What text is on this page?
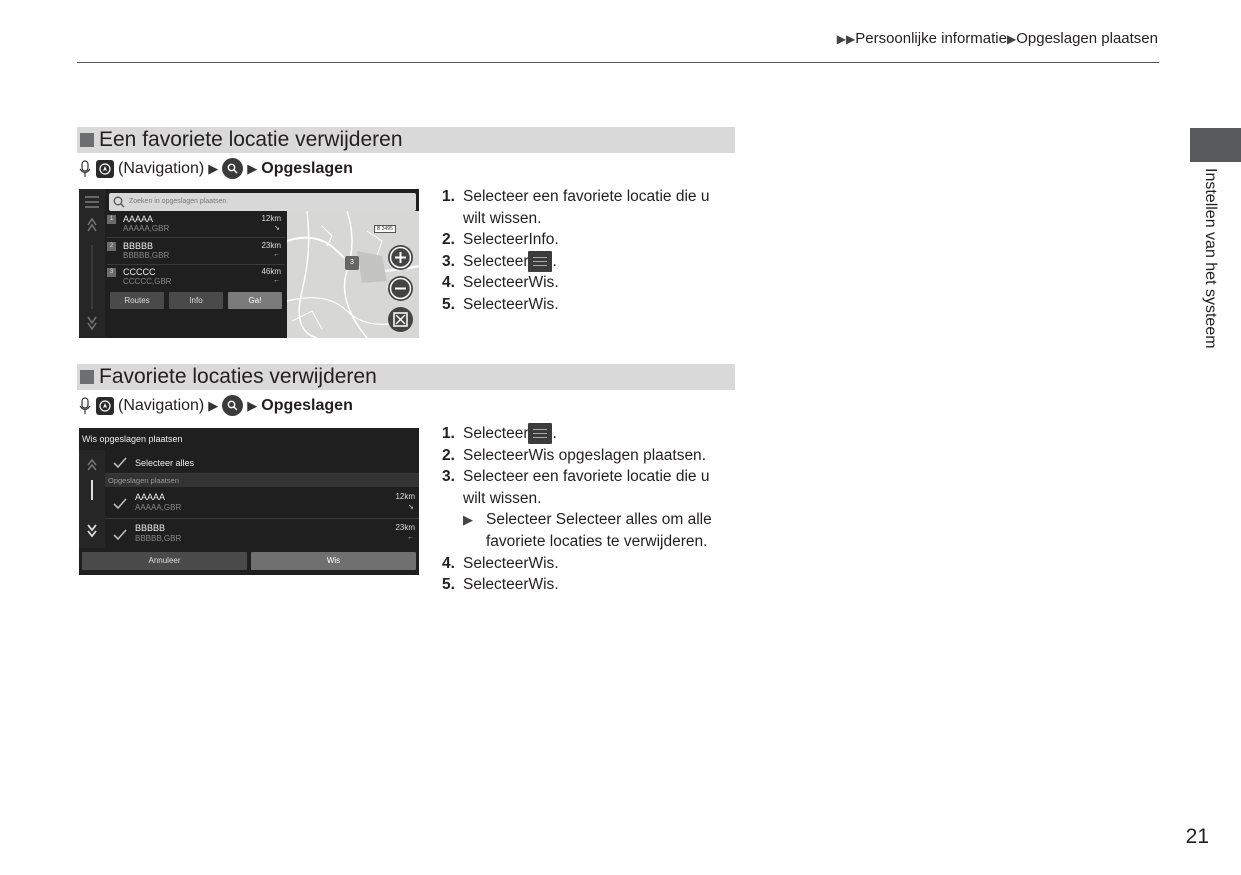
▶▶Persoonlijke informatie▶Opgeslagen plaatsen
Instellen van het systeem
Een favoriete locatie verwijderen
(Navigation) ▶ ▶ Opgeslagen
Zoeken in opgeslagen plaatsen
1	AAAAA
AAAAA,GBR
12km
➘
2	BBBBB
BBBBB,GBR
23km
←
3	CCCCC
CCCCC,GBR
46km
←
Routes	Info	Ga!
B 3495
3
1. Selecteer een favoriete locatie die u
wilt wissen.
2. Selecteer Info .
3. Selecteer .
4. Selecteer Wis .
5. Selecteer Wis .
Favoriete locaties verwijderen
(Navigation) ▶ ▶ Opgeslagen
Wis opgeslagen plaatsen
Selecteer alles
Opgeslagen plaatsen
AAAAA
AAAAA,GBR
12km
➘
BBBBB
BBBBB,GBR
23km
←
Annuleer	Wis
1. Selecteer .
2. Selecteer Wis opgeslagen plaatsen .
3. Selecteer een favoriete locatie die u
wilt wissen.
▶ Selecteer Selecteer alles om alle
favoriete locaties te verwijderen.
4. Selecteer Wis .
5. Selecteer Wis .
21
